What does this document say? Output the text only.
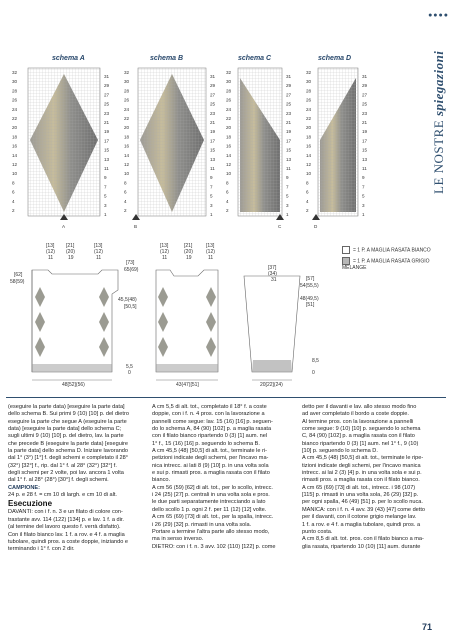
●●●●
LE NOSTRE spiegazioni
schema A	schema B	schema C	schema D
A	B	C	D
32
30
28
26
24
22
20
18
16
14
12
10
8
6
4
2
31
29
27
25
23
21
19
17
15
13
11
9
7
5
3
1
32
30
28
26
24
22
20
18
16
14
12
10
8
6
4
2
31
29
27
25
23
21
19
17
15
13
11
9
7
5
3
1
32
30
28
26
24
22
20
18
16
14
12
10
8
6
4
2
31
29
27
25
23
21
19
17
15
13
11
9
7
5
3
1
32
30
28
26
24
22
20
18
16
14
12
10
8
6
4
2
31
29
27
25
23
21
19
17
15
13
11
9
7
5
3
1
= 1 P. A MAGLIA RASATA BIANCO
= 1 P. A MAGLIA RASATA GRIGIO MELANGE
48[52](56)
[13] [21]	[13]
(12) (20)	(12)
11	19	11
[62]
58(59)
45,5(48)
[50,5]
5,5
0
43(47)[51]
[13]	[21]	[13]
(12)	(20)	(12)
11	19	11
[73]
65(69)
20[22](24)
[37]
(34)
31	[57]
54(55,5)
48(49,5)
[51]
8,5
0
(eseguire la parte data) [eseguire la parte data]
dello schema B. Sui primi 9 (10) [10] p. del dietro
eseguire la parte che segue A (eseguire la parte
data) [eseguire la parte data] dello schema C;
sugli ultimi 9 (10) [10] p. del dietro, lav. la parte
che precede B (eseguire la parte data) [eseguire
la parte data] dello schema D. Iniziare lavorando
dal 1° (3°) [1°] f. degli schemi e completato il 28°
(32°) [32°] f., rip. dal 1° f. al 28° (32°) [32°] f.
degli schemi per 2 volte, poi lav. ancora 1 volta
dal 1° f. al 28° (28°) [30°] f. degli schemi.
CAMPIONE:
24 p. e 28 f. = cm 10 di largh. e cm 10 di alt.
Esecuzione
DAVANTI: con i f. n. 3 e un filato di colore con-
trastante avv. 114 (122) [134] p. e lav. 1 f. a dir.
(al termine del lavoro questo f. verrà disfatto).
Con il filato bianco lav. 1 f. a rov. e 4 f. a maglia
tubolare, quindi pros. a coste doppie, iniziando e
terminando i 1° f. con 2 dir.
A cm 5,5 di alt. tot., completato il 18° f. a coste
doppie, con i f. n. 4 pros. con la lavorazione a
pannelli come segue: lav. 15 (16) [16] p. seguen-
do lo schema A, 84 (90) [102] p. a maglia rasata
con il filato bianco ripartendo 0 (3) [1] aum. nel
1° f., 15 (16) [16] p. seguendo lo schema B.
A cm 45,5 (48) [50,5] di alt. tot., terminate le ri-
petizioni indicate degli schemi, per l'incavo ma-
nica intrecc. ai lati 8 (9) [10] p. in una volta sola
e sui p. rimasti pros. a maglia rasata con il filato
bianco.
A cm 56 (59) [62] di alt. tot., per lo scollo, intrecc.
i 24 (25) [27] p. centrali in una volta sola e pros.
le due parti separatamente intrecciando a lato
dello scollo 1 p. ogni 2 f. per 11 (12) [12] volte.
A cm 65 (69) [73] di alt. tot., per la spalla, intrecc.
i 26 (29) [32] p. rimasti in una volta sola.
Portare a termine l'altra parte allo stesso modo,
ma in senso inverso.
DIETRO: con i f. n. 3 avv. 102 (110) [122] p. come
detto per il davanti e lav. allo stesso modo fino
ad aver completato il bordo a coste doppie.
Al termine pros. con la lavorazione a pannelli
come segue: 9 (10) [10] p. seguendo lo schema
C, 84 (90) [102] p. a maglia rasata con il filato
bianco ripartendo 0 (3) [1] aum. nel 1° f., 9 (10)
[10] p. seguendo lo schema D.
A cm 45,5 (48) [50,5] di alt. tot., terminate le ripe-
tizioni indicate degli schemi, per l'incavo manica
intrecc. ai lai 2 (3) [4] p. in una volta sola e sui p.
rimasti pros. a maglia rasata con il filato bianco.
A cm 65 (69) [73] di alt. tot., intrecc. i 98 (107)
[115] p. rimasti in una volta sola, 26 (29) [32] p.
per ogni spalla, 46 (49) [51] p. per lo scollo nuca.
MANICA: con i f. n. 4 avv. 39 (43) [47] come detto
per il davanti, con il cotone grigio melange lav.
1 f. a rov. e 4 f. a maglia tubolare, quindi pros. a
punto costa.
A cm 8,5 di alt. tot. pros. con il filato bianco a ma-
glia rasata, ripartendo 10 (10) [11] aum. durante
71
